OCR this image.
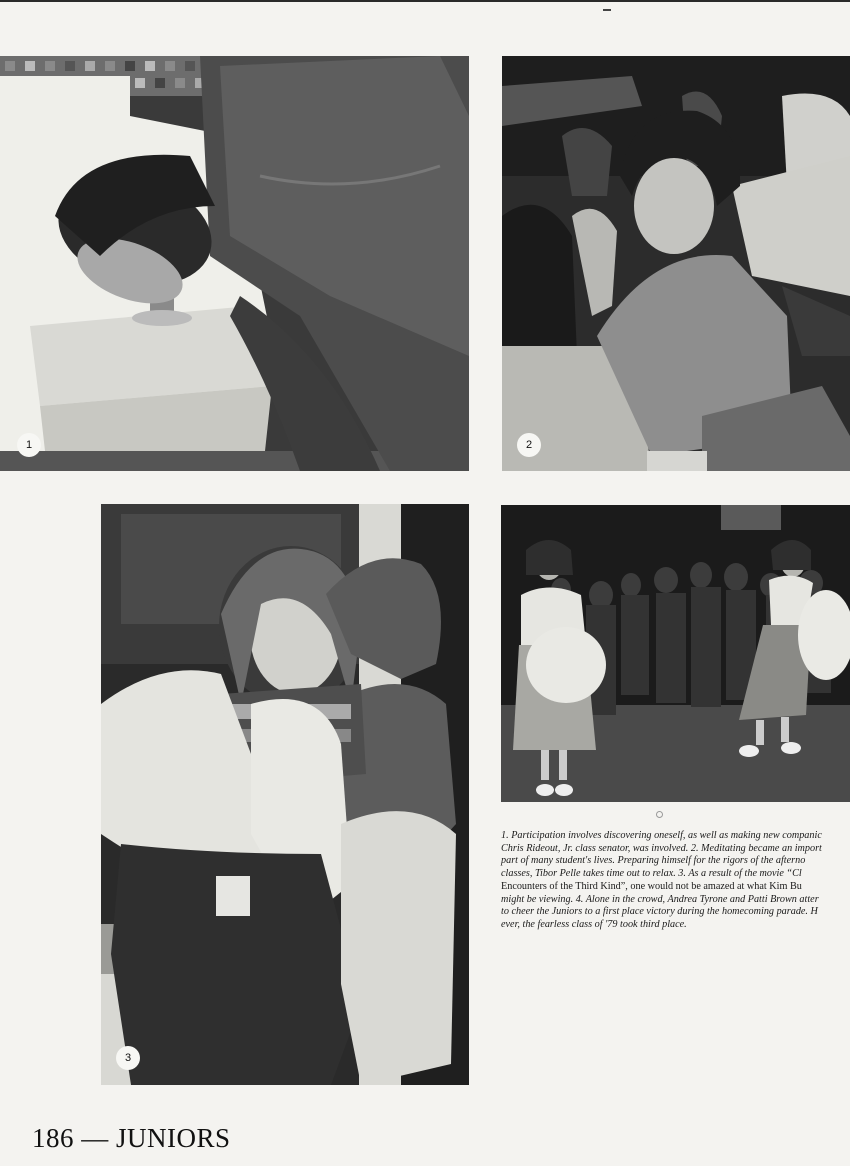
1	2
3

1. Participation involves discovering oneself, as well as making new companic

Chris Rideout, Jr. class senator, was involved. 2. Meditating became an import

part of many student's lives. Preparing himself for the rigors of the afterno

classes, Tibor Pelle takes time out to relax. 3. As a result of the movie “Cl

Encounters of the Third Kind”, one would not be amazed at what Kim Bu

might be viewing. 4. Alone in the crowd, Andrea Tyrone and Patti Brown atter

to cheer the Juniors to a first place victory during the homecoming parade. H

ever, the fearless class of '79 took third place.

186 — JUNIORS
